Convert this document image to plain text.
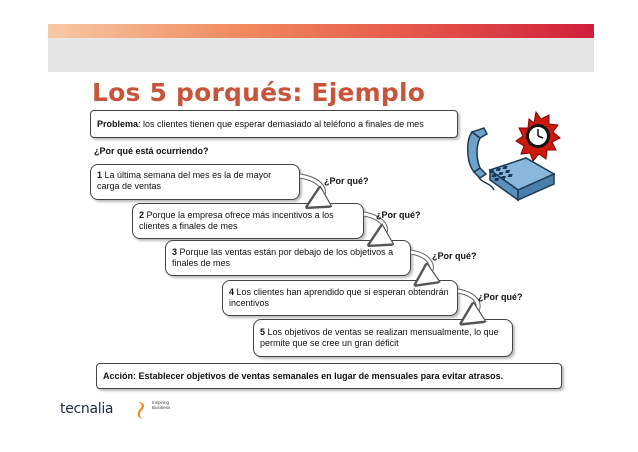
Los 5 porqués: Ejemplo
Problema: los clientes tienen que esperar demasiado al teléfono a finales de mes
¿Por qué está ocurriendo?
1 La última semana del mes es la de mayor carga de ventas
2 Porque la empresa ofrece más incentivos a los clientes a finales de mes
3 Porque las ventas están por debajo de los objetivos a finales de mes
4 Los clientes han aprendido que si esperan obtendrán incentivos
5 Los objetivos de ventas se realizan mensualmente, lo que permite que se cree un gran déficit
¿Por qué?
¿Por qué?
¿Por qué?
¿Por qué?
Acción: Establecer objetivos de ventas semanales en lugar de mensuales para evitar atrasos.
tecnalia	Inspiring
Business
